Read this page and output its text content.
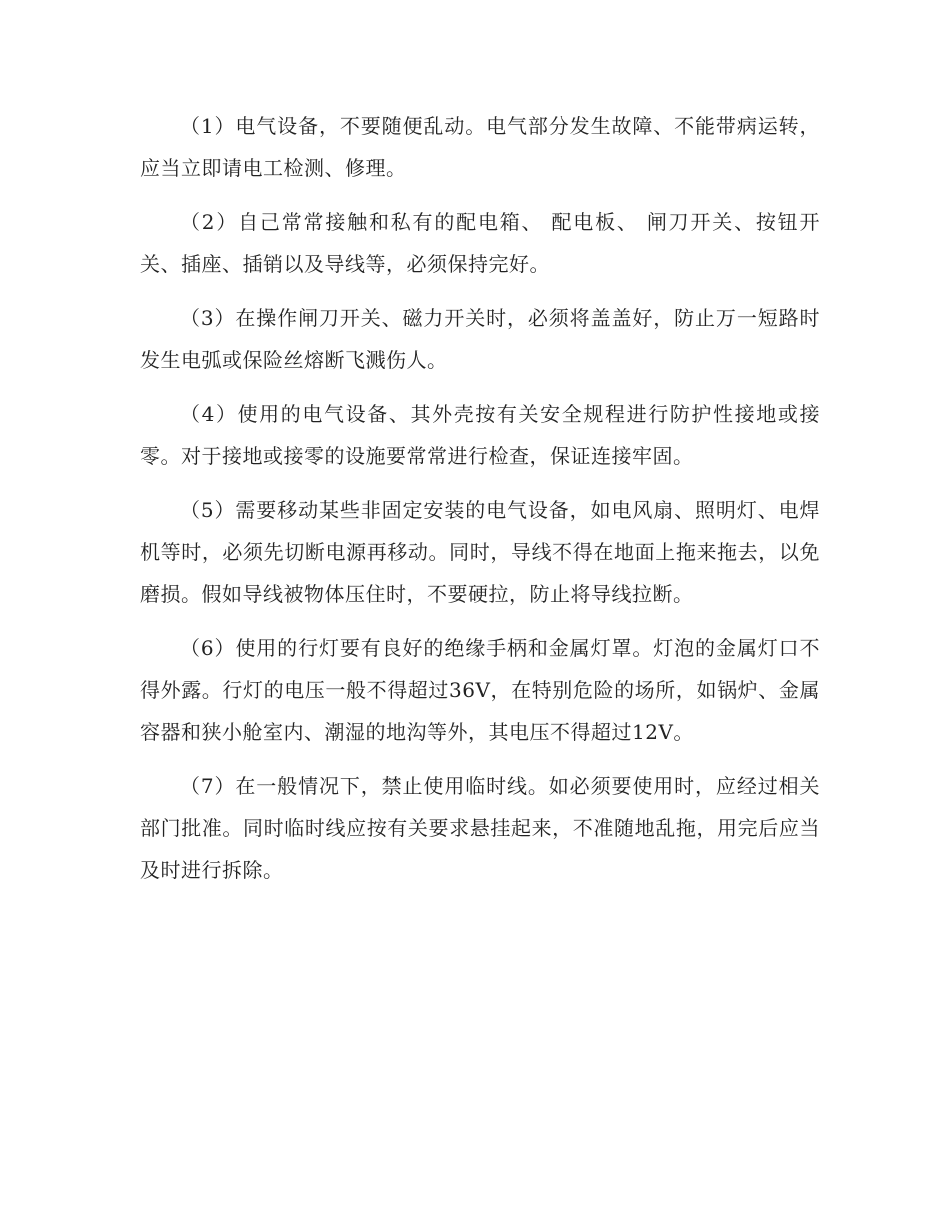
（1）电气设备，不要随便乱动。电气部分发生故障、不能带病运转，应当立即请电工检测、修理。

（2）自己常常接触和私有的配电箱、 配电板、 闸刀开关、按钮开关、插座、插销以及导线等，必须保持完好。

（3）在操作闸刀开关、磁力开关时，必须将盖盖好，防止万一短路时发生电弧或保险丝熔断飞溅伤人。

（4）使用的电气设备、其外壳按有关安全规程进行防护性接地或接零。对于接地或接零的设施要常常进行检查，保证连接牢固。

（5）需要移动某些非固定安装的电气设备，如电风扇、照明灯、电焊机等时，必须先切断电源再移动。同时，导线不得在地面上拖来拖去，以免磨损。假如导线被物体压住时，不要硬拉，防止将导线拉断。

（6）使用的行灯要有良好的绝缘手柄和金属灯罩。灯泡的金属灯口不得外露。行灯的电压一般不得超过36V，在特别危险的场所，如锅炉、金属容器和狭小舱室内、潮湿的地沟等外，其电压不得超过12V。

（7）在一般情况下，禁止使用临时线。如必须要使用时，应经过相关部门批准。同时临时线应按有关要求悬挂起来，不准随地乱拖，用完后应当及时进行拆除。
